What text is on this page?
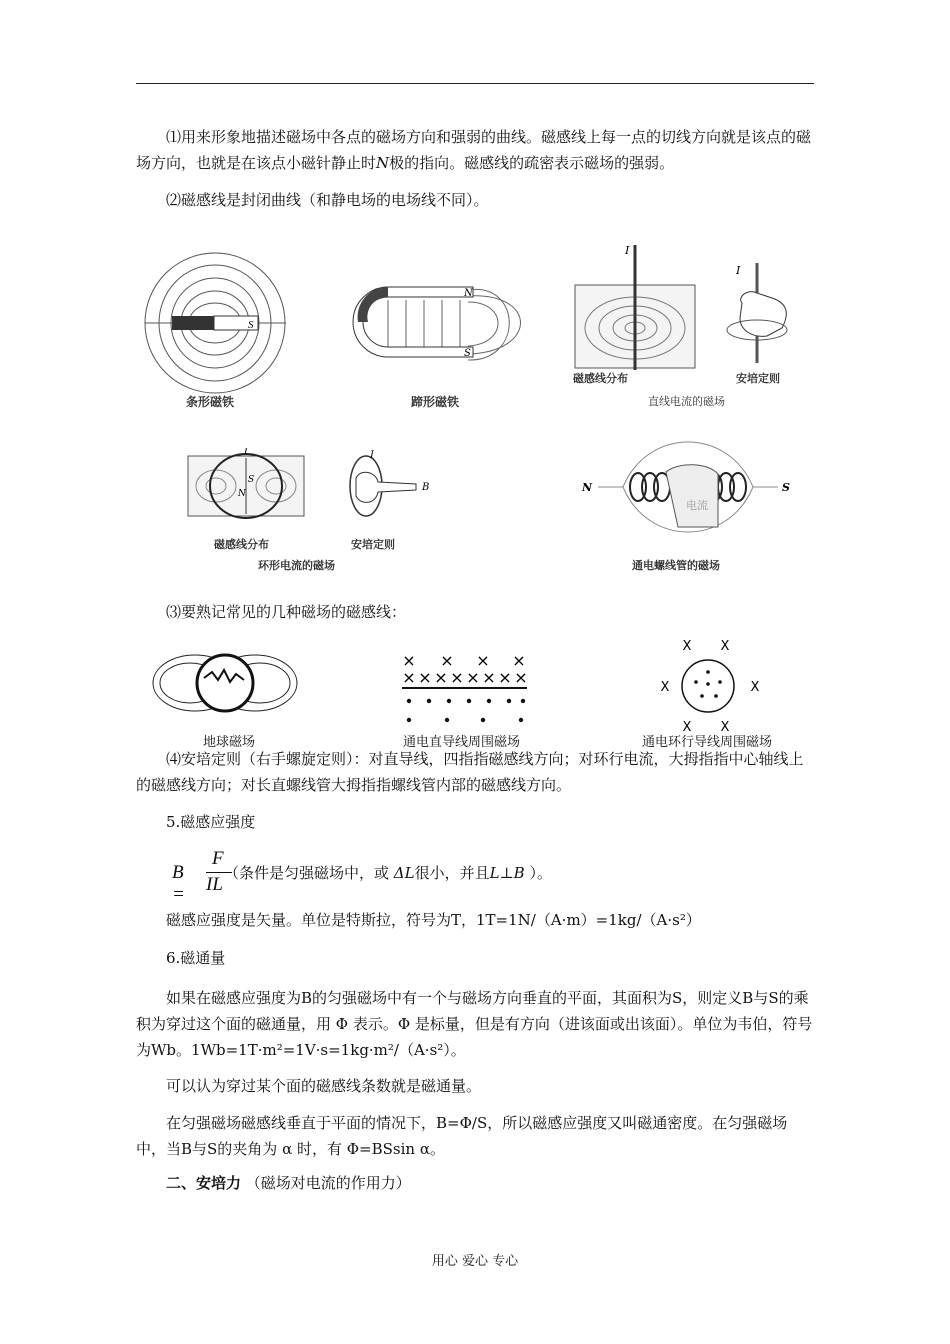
⑴用来形象地描述磁场中各点的磁场方向和强弱的曲线。磁感线上每一点的切线方向就是该点的磁场方向，也就是在该点小磁针静止时N极的指向。磁感线的疏密表示磁场的强弱。
⑵磁感线是封闭曲线（和静电场的电场线不同）。
S
条形磁铁
N
S
蹄形磁铁
I
磁感线分布
I
安培定则
直线电流的磁场
I
S
N
磁感线分布
I
B
安培定则
环形电流的磁场
N	S
电流
通电螺线管的磁场
⑶要熟记常见的几种磁场的磁感线：
地球磁场
× × × ×
× × × × × × × ×
通电直导线周围磁场
X X
X	X
X X
通电环行导线周围磁场
⑷安培定则（右手螺旋定则）：对直导线，四指指磁感线方向；对环行电流，大拇指指中心轴线上的磁感线方向；对长直螺线管大拇指指螺线管内部的磁感线方向。
5.磁感应强度
B =
F
IL
（条件是匀强磁场中，或 ΔL很小，并且L⊥B ）。
磁感应强度是矢量。单位是特斯拉，符号为T，1T=1N/（A·m）=1kg/（A·s²）
6.磁通量
如果在磁感应强度为B的匀强磁场中有一个与磁场方向垂直的平面，其面积为S，则定义B与S的乘积为穿过这个面的磁通量，用 Φ 表示。Φ 是标量，但是有方向（进该面或出该面）。单位为韦伯，符号为Wb。1Wb=1T·m²=1V·s=1kg·m²/（A·s²）。
可以认为穿过某个面的磁感线条数就是磁通量。
在匀强磁场磁感线垂直于平面的情况下，B=Φ/S，所以磁感应强度又叫磁通密度。在匀强磁场中，当B与S的夹角为 α 时，有 Φ=BSsin α。
二、安培力 （磁场对电流的作用力）
用心 爱心 专心
